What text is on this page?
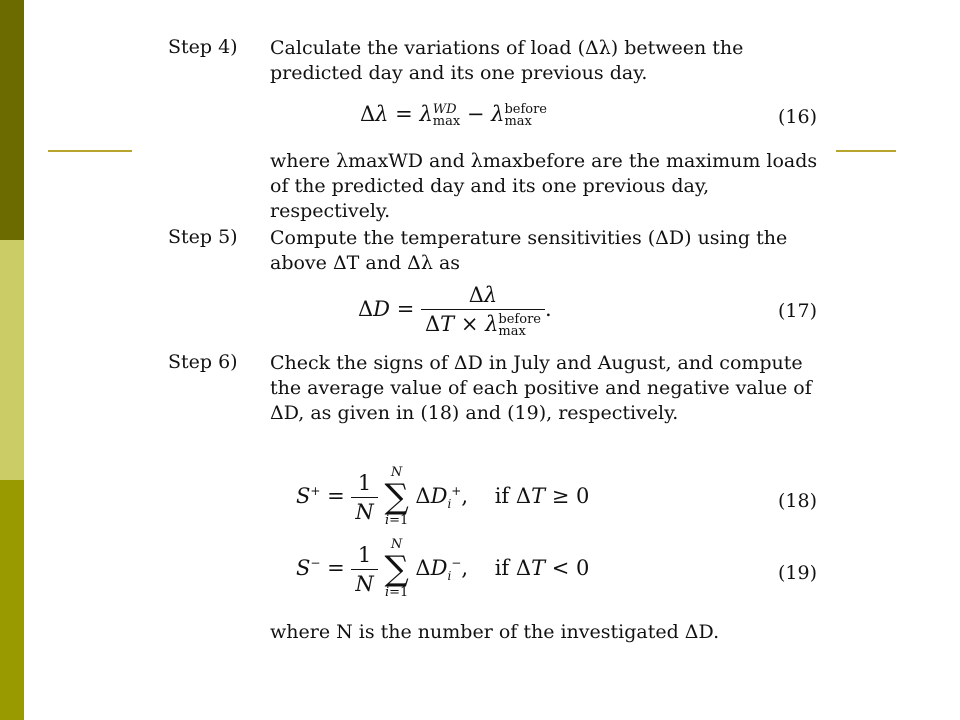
Step 4) Calculate the variations of load (Δλ) between the predicted day and its one previous day.

Δλ = λ WD
max − λ before
max	(16)

where λmaxWD and λmaxbefore are the maximum loads of the predicted day and its one previous day, respectively.

Step 5) Compute the temperature sensitivities (ΔD) using the above ΔT and Δλ as

ΔD = Δλ
ΔT × λ before
max .	(17)
Step 6) Check the signs of ΔD in July and August, and compute the average value of each positive and negative value of ΔD, as given in (18) and (19), respectively.

$S^+ = \frac{1}{N}$
	N
∑
i=1
$\Delta D_i^+$,    if ΔT ≥ 0	(18)
$S^- = \frac{1}{N}$
	N
∑
i=1
$\Delta D_i^-$,    if ΔT < 0	(19)

where N is the number of the investigated ΔD.
